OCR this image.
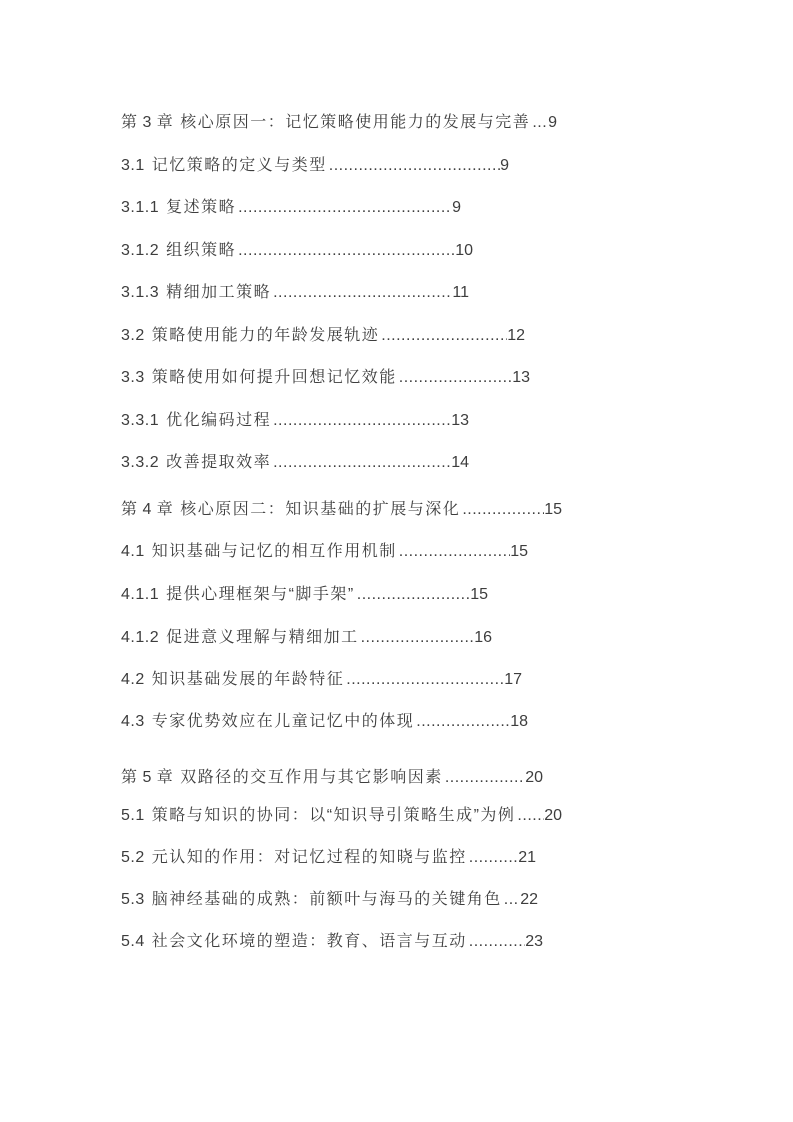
第 3 章 核心原因一：记忆策略使用能力的发展与完善 ..... 9
3.1 记忆策略的定义与类型 .....	9
3.1.1 复述策略 .....	9
3.1.2 组织策略 .....	10
3.1.3 精细加工策略 .....	11
3.2 策略使用能力的年龄发展轨迹 .....	12
3.3 策略使用如何提升回想记忆效能 .....	13
3.3.1 优化编码过程 .....	13
3.3.2 改善提取效率 .....	14
第 4 章 核心原因二：知识基础的扩展与深化 .....	15
4.1 知识基础与记忆的相互作用机制 .....	15
4.1.1 提供心理框架与“脚手架” .....	15
4.1.2 促进意义理解与精细加工 .....	16
4.2 知识基础发展的年龄特征 .....	17
4.3 专家优势效应在儿童记忆中的体现 .....	18
第 5 章 双路径的交互作用与其它影响因素 .....	20
5.1 策略与知识的协同：以“知识导引策略生成”为例 ..... 20
5.2 元认知的作用：对记忆过程的知晓与监控 .....	21
5.3 脑神经基础的成熟：前额叶与海马的关键角色 ..... 22
5.4 社会文化环境的塑造：教育、语言与互动 .....	23
